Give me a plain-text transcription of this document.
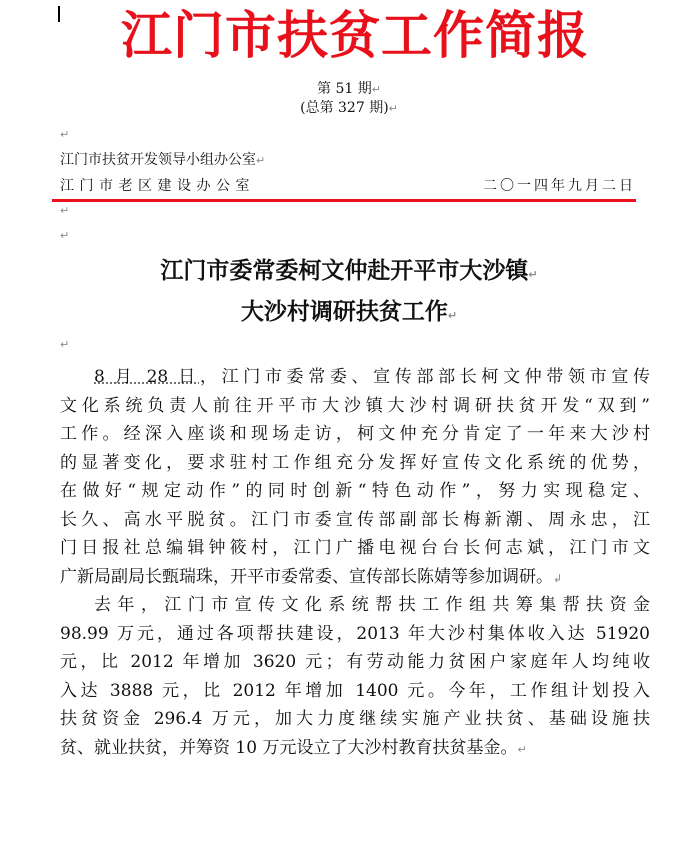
江门市扶贫工作简报
第 51 期↵
(总第 327 期)↵
↵
江门市扶贫开发领导小组办公室↵
江门市老区建设办公室	二〇一四年九月二日
↵
↵
江门市委常委柯文仲赴开平市大沙镇↵
大沙村调研扶贫工作↵
↵
8 月 28 日，江门市委常委、宣传部部长柯文仲带领市宣传
文化系统负责人前往开平市大沙镇大沙村调研扶贫开发“双到”
工作。经深入座谈和现场走访，柯文仲充分肯定了一年来大沙村
的显著变化，要求驻村工作组充分发挥好宣传文化系统的优势，
在做好“规定动作”的同时创新“特色动作”，努力实现稳定、
长久、高水平脱贫。江门市委宣传部副部长梅新潮、周永忠，江
门日报社总编辑钟筱村，江门广播电视台台长何志斌，江门市文
广新局副局长甄瑞珠，开平市委常委、宣传部长陈婧等参加调研。↲
去年，江门市宣传文化系统帮扶工作组共筹集帮扶资金
98.99 万元，通过各项帮扶建设，2013 年大沙村集体收入达 51920
元，比 2012 年增加 3620 元；有劳动能力贫困户家庭年人均纯收
入达 3888 元，比 2012 年增加 1400 元。今年，工作组计划投入
扶贫资金 296.4 万元，加大力度继续实施产业扶贫、基础设施扶
贫、就业扶贫，并筹资 10 万元设立了大沙村教育扶贫基金。↵
